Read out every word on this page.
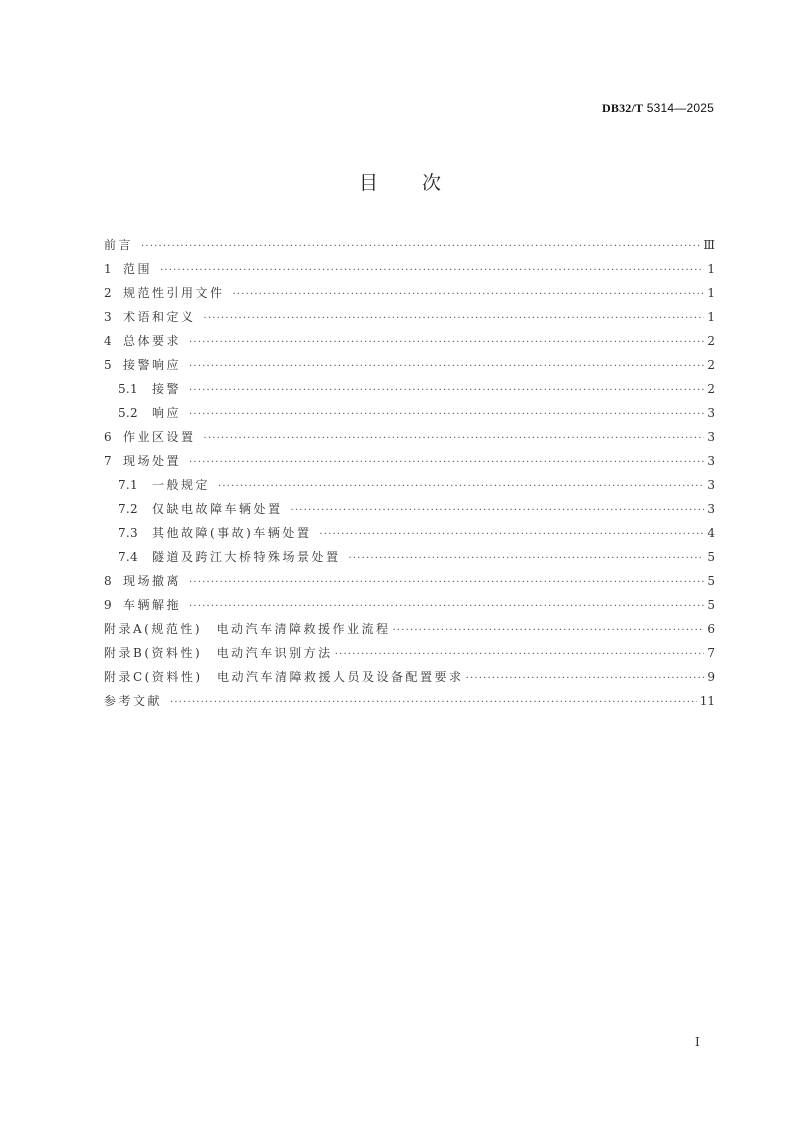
DB32/T 5314—2025
目 次
前言 ·····	Ⅲ
1 范围 ·····	1
2 规范性引用文件 ·····	1
3 术语和定义 ·····	1
4 总体要求 ·····	2
5 接警响应 ·····	2
5.1	接警 ·····	2
5.2	响应 ·····	3
6 作业区设置 ·····	3
7 现场处置 ·····	3
7.1	一般规定 ·····	3
7.2	仅缺电故障车辆处置 ·····	3
7.3	其他故障(事故)车辆处置 ·····	4
7.4	隧道及跨江大桥特殊场景处置 ·····	5
8 现场撤离 ·····	5
9 车辆解拖 ·····	5
附录A(规范性)　电动汽车清障救援作业流程 ·····	6
附录B(资料性)　电动汽车识别方法 ·····	7
附录C(资料性)　电动汽车清障救援人员及设备配置要求 ·····	9
参考文献 ·····	11
Ⅰ
